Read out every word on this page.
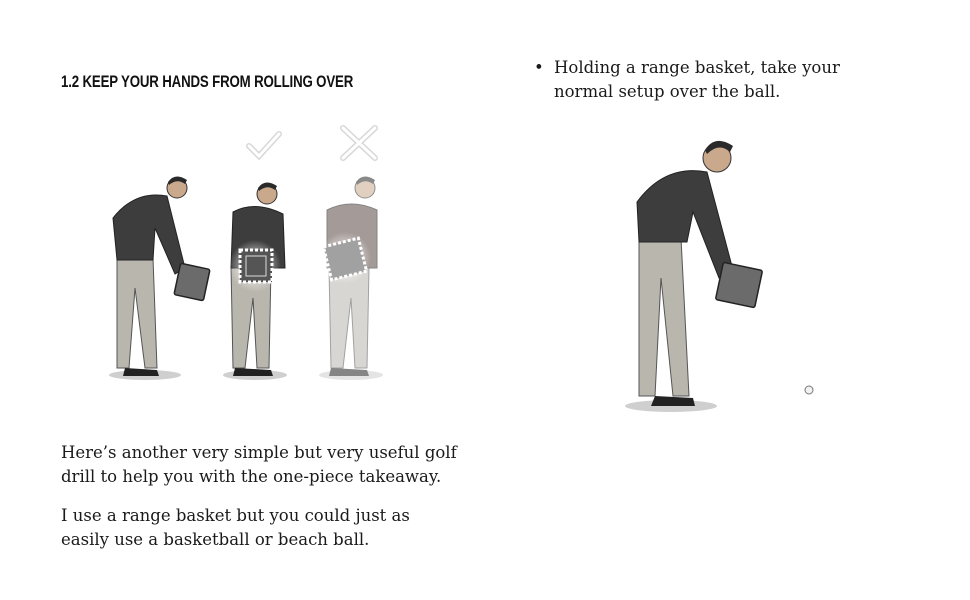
1.2 KEEP YOUR HANDS FROM ROLLING OVER

Here’s another very simple but very useful golf drill to help you with the one-piece takeaway.

I use a range basket but you could just as easily use a basketball or beach ball.

• Holding a range basket, take your normal setup over the ball.
